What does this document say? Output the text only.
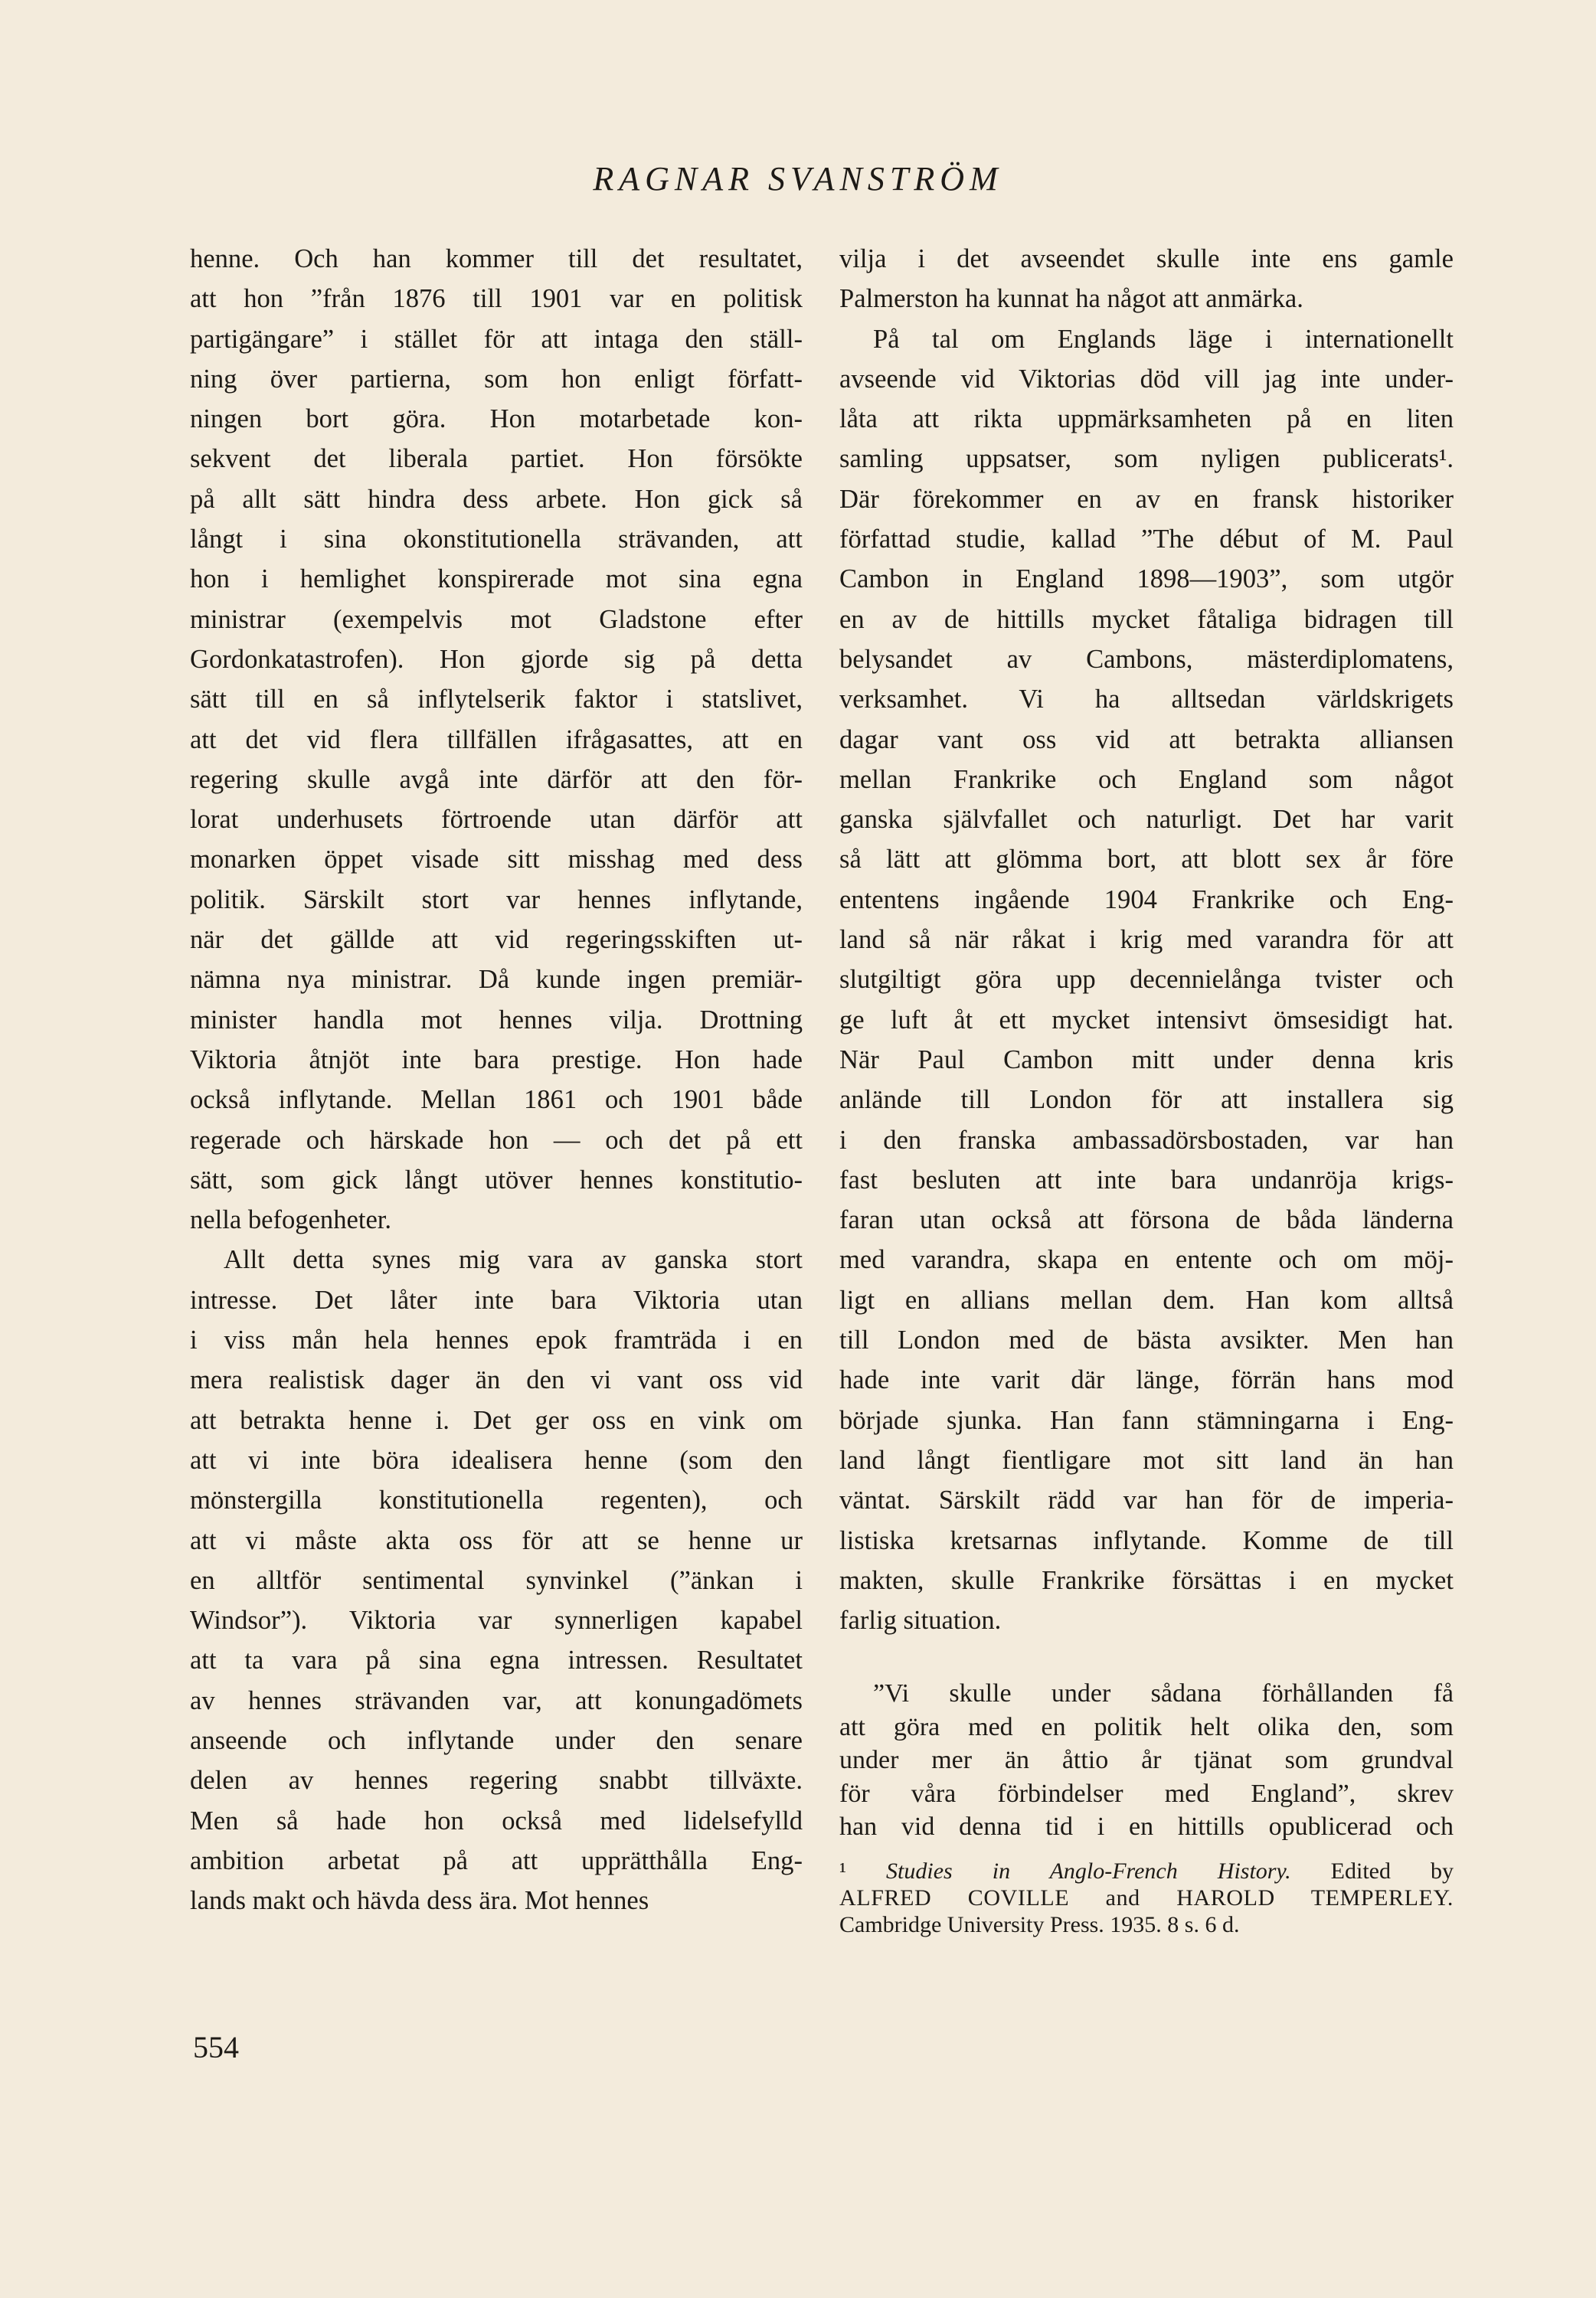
RAGNAR SVANSTRÖM
henne. Och han kommer till det resultatet,
att hon ”från 1876 till 1901 var en politisk
partigängare” i stället för att intaga den ställ-
ning över partierna, som hon enligt författ-
ningen bort göra. Hon motarbetade kon-
sekvent det liberala partiet. Hon försökte
på allt sätt hindra dess arbete. Hon gick så
långt i sina okonstitutionella strävanden, att
hon i hemlighet konspirerade mot sina egna
ministrar (exempelvis mot Gladstone efter
Gordonkatastrofen). Hon gjorde sig på detta
sätt till en så inflytelserik faktor i statslivet,
att det vid flera tillfällen ifrågasattes, att en
regering skulle avgå inte därför att den för-
lorat underhusets förtroende utan därför att
monarken öppet visade sitt misshag med dess
politik. Särskilt stort var hennes inflytande,
när det gällde att vid regeringsskiften ut-
nämna nya ministrar. Då kunde ingen premiär-
minister handla mot hennes vilja. Drottning
Viktoria åtnjöt inte bara prestige. Hon hade
också inflytande. Mellan 1861 och 1901 både
regerade och härskade hon — och det på ett
sätt, som gick långt utöver hennes konstitutio-
nella befogenheter.
Allt detta synes mig vara av ganska stort
intresse. Det låter inte bara Viktoria utan
i viss mån hela hennes epok framträda i en
mera realistisk dager än den vi vant oss vid
att betrakta henne i. Det ger oss en vink om
att vi inte böra idealisera henne (som den
mönstergilla konstitutionella regenten), och
att vi måste akta oss för att se henne ur
en alltför sentimental synvinkel (”änkan i
Windsor”). Viktoria var synnerligen kapabel
att ta vara på sina egna intressen. Resultatet
av hennes strävanden var, att konungadömets
anseende och inflytande under den senare
delen av hennes regering snabbt tillväxte.
Men så hade hon också med lidelsefylld
ambition arbetat på att upprätthålla Eng-
lands makt och hävda dess ära. Mot hennes
vilja i det avseendet skulle inte ens gamle
Palmerston ha kunnat ha något att anmärka.
På tal om Englands läge i internationellt
avseende vid Viktorias död vill jag inte under-
låta att rikta uppmärksamheten på en liten
samling uppsatser, som nyligen publicerats¹.
Där förekommer en av en fransk historiker
författad studie, kallad ”The début of M. Paul
Cambon in England 1898—1903”, som utgör
en av de hittills mycket fåtaliga bidragen till
belysandet av Cambons, mästerdiplomatens,
verksamhet. Vi ha alltsedan världskrigets
dagar vant oss vid att betrakta alliansen
mellan Frankrike och England som något
ganska självfallet och naturligt. Det har varit
så lätt att glömma bort, att blott sex år före
ententens ingående 1904 Frankrike och Eng-
land så när råkat i krig med varandra för att
slutgiltigt göra upp decennielånga tvister och
ge luft åt ett mycket intensivt ömsesidigt hat.
När Paul Cambon mitt under denna kris
anlände till London för att installera sig
i den franska ambassadörsbostaden, var han
fast besluten att inte bara undanröja krigs-
faran utan också att försona de båda länderna
med varandra, skapa en entente och om möj-
ligt en allians mellan dem. Han kom alltså
till London med de bästa avsikter. Men han
hade inte varit där länge, förrän hans mod
började sjunka. Han fann stämningarna i Eng-
land långt fientligare mot sitt land än han
väntat. Särskilt rädd var han för de imperia-
listiska kretsarnas inflytande. Komme de till
makten, skulle Frankrike försättas i en mycket
farlig situation.
”Vi skulle under sådana förhållanden få
att göra med en politik helt olika den, som
under mer än åttio år tjänat som grundval
för våra förbindelser med England”, skrev
han vid denna tid i en hittills opublicerad och
¹ Studies in Anglo-French History. Edited by
ALFRED COVILLE and HAROLD TEMPERLEY.
Cambridge University Press. 1935. 8 s. 6 d.
554
